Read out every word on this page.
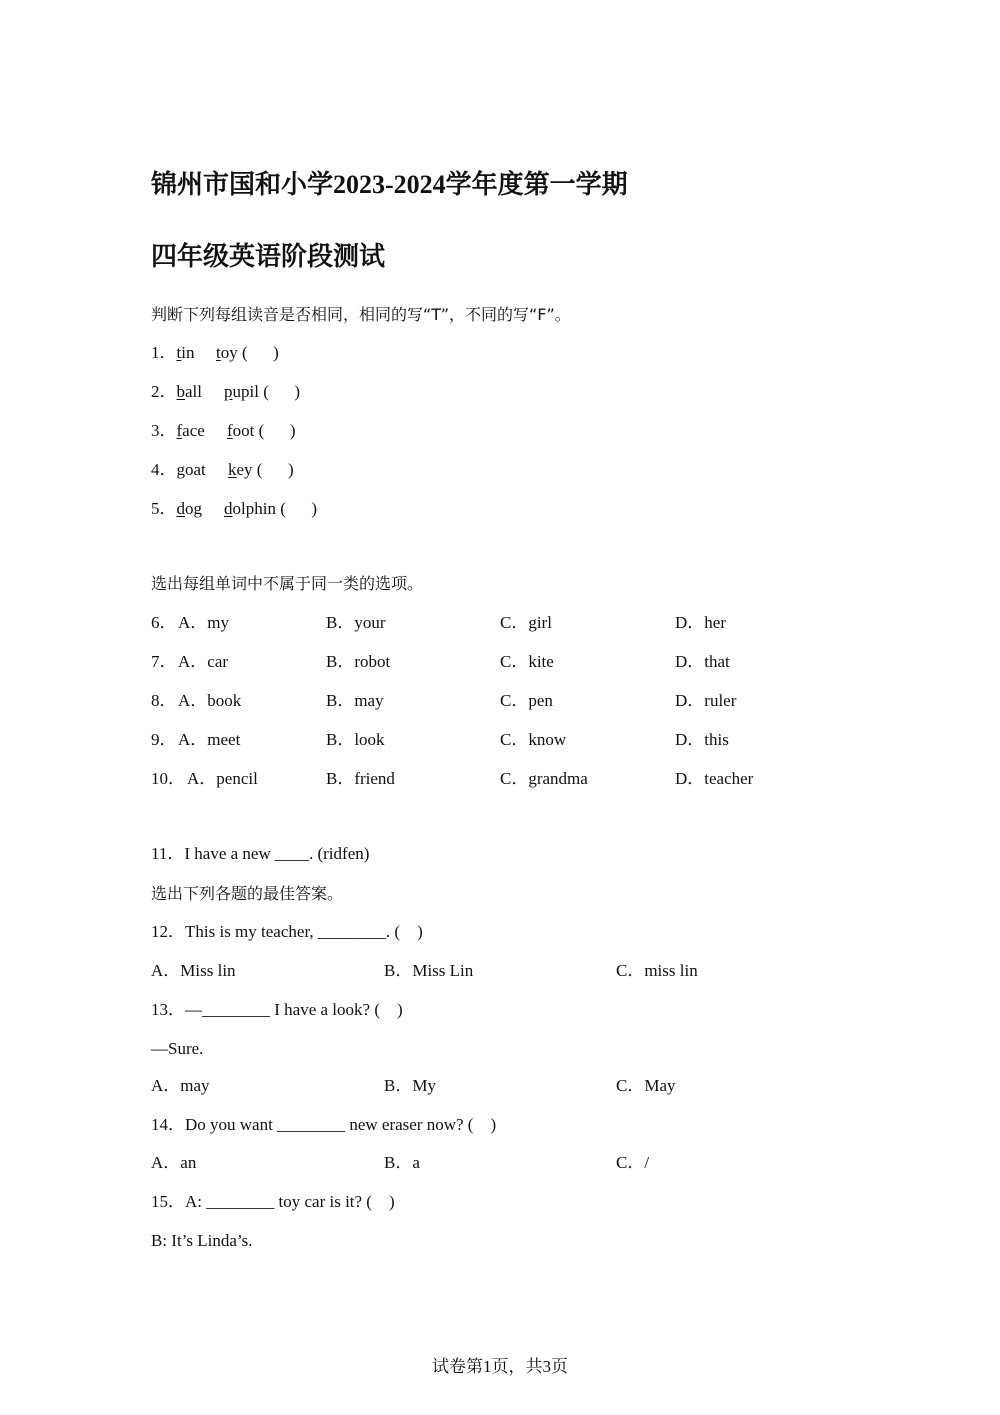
锦州市国和小学2023-2024学年度第一学期
四年级英语阶段测试
判断下列每组读音是否相同，相同的写“T”，不同的写“F”。
1．tin toy (      )
2．ball pupil (      )
3．face foot (      )
4．goat key (      )
5．dog dolphin (      )
选出每组单词中不属于同一类的选项。
6． A．my	B．your	C．girl	D．her
7． A．car	B．robot	C．kite	D．that
8． A．book	B．may	C．pen	D．ruler
9． A．meet	B．look	C．know	D．this
10． A．pencil	B．friend	C．grandma	D．teacher
11．I have a new ____. (ridfen)
选出下列各题的最佳答案。
12．This is my teacher, ________. (    )
A．Miss lin	B．Miss Lin	C．miss lin
13．—________ I have a look? (    )
—Sure.
A．may	B．My	C．May
14．Do you want ________ new eraser now? (    )
A．an	B．a	C．/
15．A: ________ toy car is it? (    )
B: It’s Linda’s.
试卷第1页，共3页
